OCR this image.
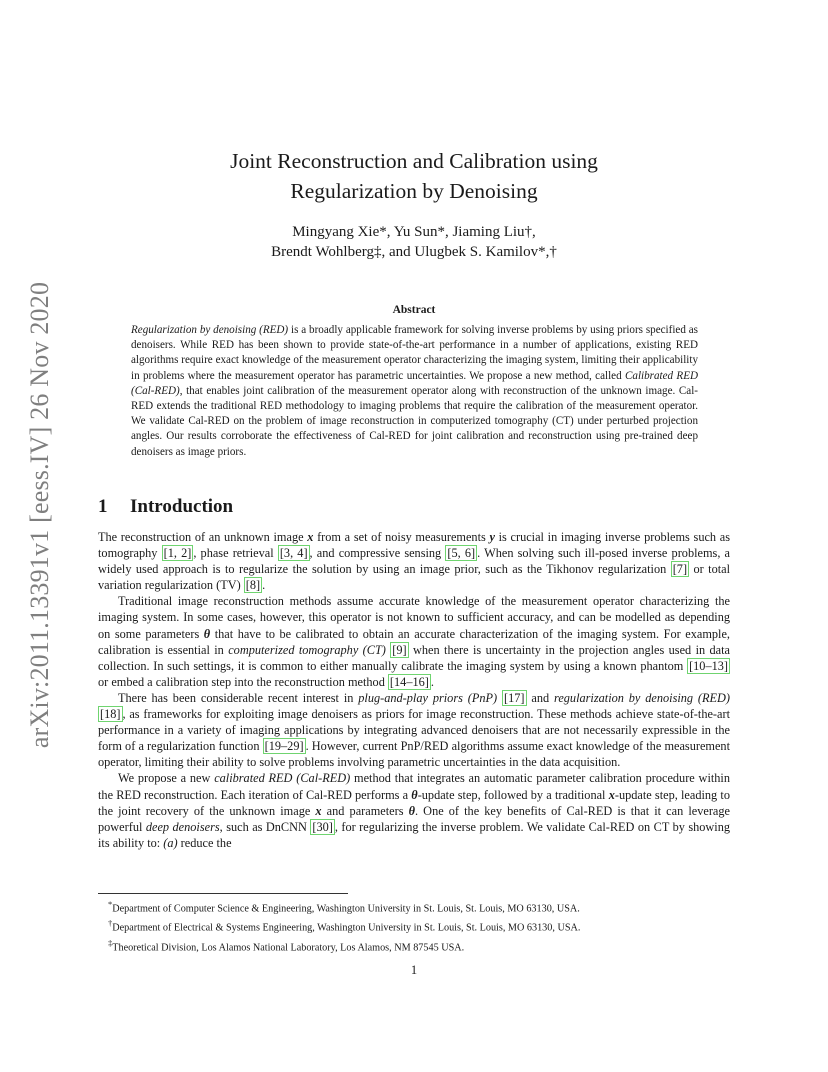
arXiv:2011.13391v1 [eess.IV] 26 Nov 2020
Joint Reconstruction and Calibration using
Regularization by Denoising
Mingyang Xie*, Yu Sun*, Jiaming Liu†,
Brendt Wohlberg‡, and Ulugbek S. Kamilov*,†
Abstract
Regularization by denoising (RED) is a broadly applicable framework for solving inverse problems by using priors specified as denoisers. While RED has been shown to provide state-of-the-art performance in a number of applications, existing RED algorithms require exact knowledge of the measurement operator characterizing the imaging system, limiting their applicability in problems where the measurement operator has parametric uncertainties. We propose a new method, called Calibrated RED (Cal-RED), that enables joint calibration of the measurement operator along with reconstruction of the unknown image. Cal-RED extends the traditional RED methodology to imaging problems that require the calibration of the measurement operator. We validate Cal-RED on the problem of image reconstruction in computerized tomography (CT) under perturbed projection angles. Our results corroborate the effectiveness of Cal-RED for joint calibration and reconstruction using pre-trained deep denoisers as image priors.
1 Introduction

The reconstruction of an unknown image x from a set of noisy measurements y is crucial in imaging inverse problems such as tomography [1, 2] , phase retrieval [3, 4] , and compressive sensing [5, 6] . When solving such ill-posed inverse problems, a widely used approach is to regularize the solution by using an image prior, such as the Tikhonov regularization [7] or total variation regularization (TV) [8] .

Traditional image reconstruction methods assume accurate knowledge of the measurement operator characterizing the imaging system. In some cases, however, this operator is not known to sufficient accuracy, and can be modelled as depending on some parameters θ that have to be calibrated to obtain an accurate characterization of the imaging system. For example, calibration is essential in computerized tomography (CT) [9] when there is uncertainty in the projection angles used in data collection. In such settings, it is common to either manually calibrate the imaging system by using a known phantom [10–13] or embed a calibration step into the reconstruction method [14–16] .

There has been considerable recent interest in plug-and-play priors (PnP) [17] and regularization by denoising (RED) [18] , as frameworks for exploiting image denoisers as priors for image reconstruction. These methods achieve state-of-the-art performance in a variety of imaging applications by integrating advanced denoisers that are not necessarily expressible in the form of a regularization function [19–29] . However, current PnP/RED algorithms assume exact knowledge of the measurement operator, limiting their ability to solve problems involving parametric uncertainties in the data acquisition.

We propose a new calibrated RED (Cal-RED) method that integrates an automatic parameter calibration procedure within the RED reconstruction. Each iteration of Cal-RED performs a θ-update step, followed by a traditional x-update step, leading to the joint recovery of the unknown image x and parameters θ. One of the key benefits of Cal-RED is that it can leverage powerful deep denoisers, such as DnCNN [30] , for regularizing the inverse problem. We validate Cal-RED on CT by showing its ability to: (a) reduce the

*Department of Computer Science & Engineering, Washington University in St. Louis, St. Louis, MO 63130, USA.
†Department of Electrical & Systems Engineering, Washington University in St. Louis, St. Louis, MO 63130, USA.
‡Theoretical Division, Los Alamos National Laboratory, Los Alamos, NM 87545 USA.
1
